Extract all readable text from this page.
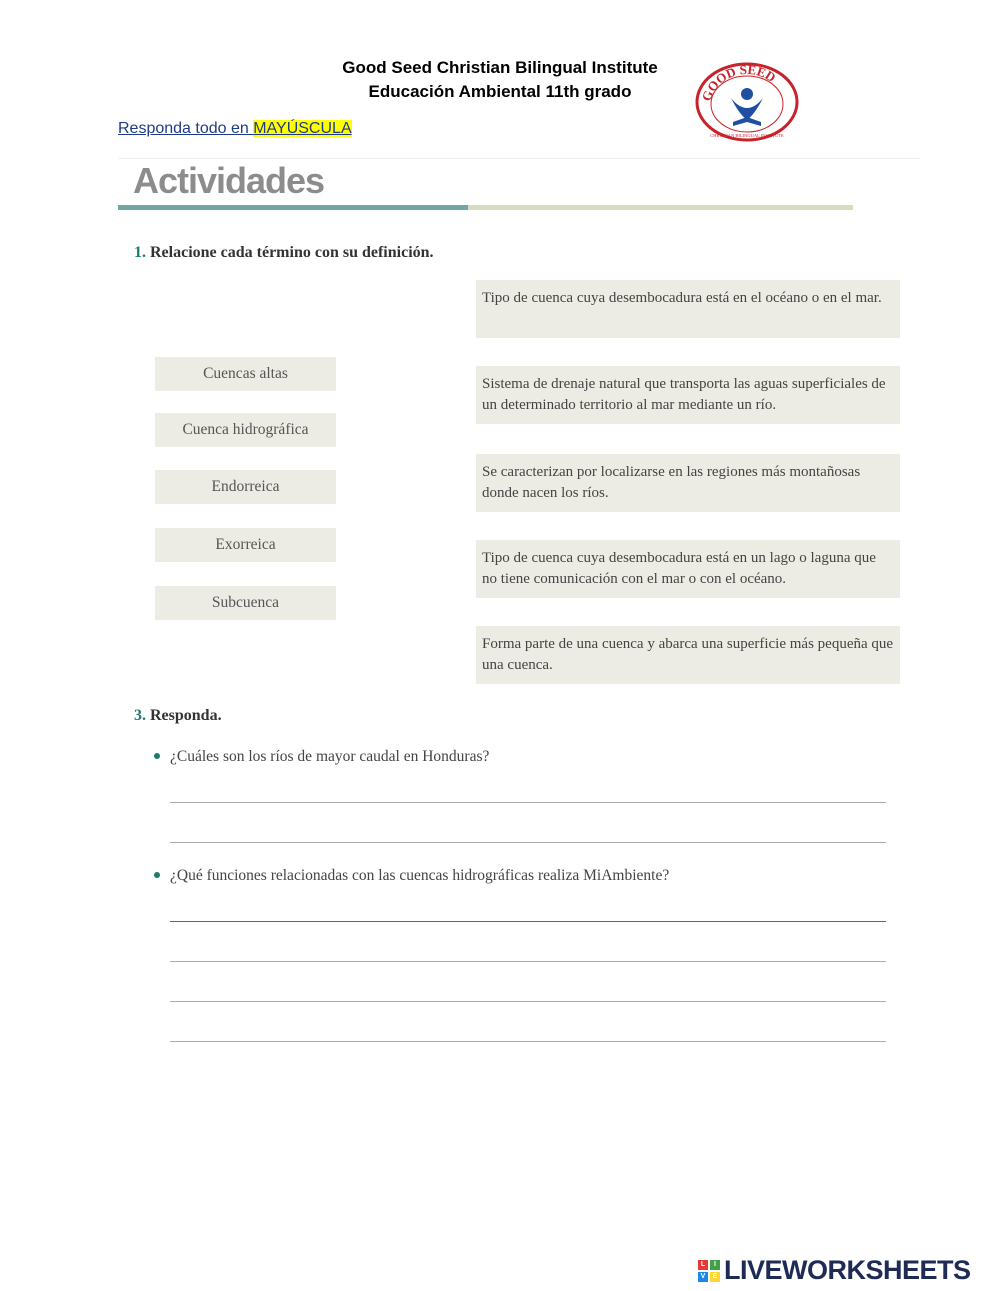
Good Seed Christian Bilingual Institute
Educación Ambiental 11th grado
Responda todo en MAYÚSCULA
GOOD SEED
CHRISTIAN BILINGUAL INSTITUTE
Actividades
1. Relacione cada término con su definición.
Cuencas altas
Cuenca hidrográfica
Endorreica
Exorreica
Subcuenca
Tipo de cuenca cuya desembocadura está en el océano o en el mar.
Sistema de drenaje natural que transporta las aguas superficiales de un determinado territorio al mar mediante un río.
Se caracterizan por localizarse en las regiones más montañosas donde nacen los ríos.
Tipo de cuenca cuya desembocadura está en un lago o laguna que no tiene comunicación con el mar o con el océano.
Forma parte de una cuenca y abarca una superficie más pequeña que una cuenca.
3. Responda.
¿Cuáles son los ríos de mayor caudal en Honduras?
¿Qué funciones relacionadas con las cuencas hidrográficas realiza MiAmbiente?
L	I
V	E LIVEWORKSHEETS
